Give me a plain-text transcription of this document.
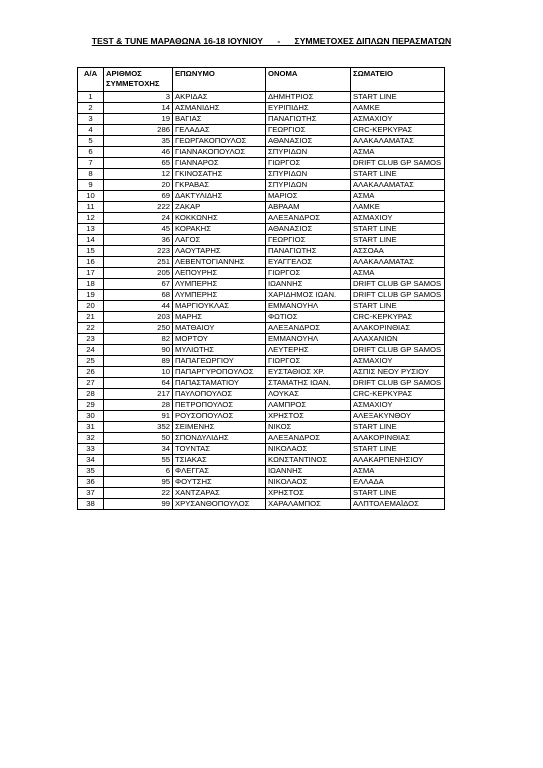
TEST & TUNE ΜΑΡΑΘΩΝΑ 16-18 ΙΟΥΝΙΟΥ      -      ΣΥΜΜΕΤΟΧΕΣ ΔΙΠΛΩΝ ΠΕΡΑΣΜΑΤΩΝ
Α/Α	ΑΡΙΘΜΟΣ ΣΥΜΜΕΤΟΧΗΣ	ΕΠΩΝΥΜΟ	ΟΝΟΜΑ	ΣΩΜΑΤΕΙΟ
1	3	ΑΚΡΙΔΑΣ	ΔΗΜΗΤΡΙΟΣ	START LINE
2	14	ΑΣΜΑΝΙΔΗΣ	ΕΥΡΙΠΙΔΗΣ	ΛΑΜΚΕ
3	19	ΒΑΓΙΑΣ	ΠΑΝΑΓΙΩΤΗΣ	ΑΣΜΑΧΙΟΥ
4	286	ΓΕΛΑΔΑΣ	ΓΕΩΡΓΙΟΣ	CRC-ΚΕΡΚΥΡΑΣ
5	35	ΓΕΩΡΓΑΚΟΠΟΥΛΟΣ	ΑΘΑΝΑΣΙΟΣ	ΑΛΑΚΑΛΑΜΑΤΑΣ
6	46	ΓΙΑΝΝΑΚΟΠΟΥΛΟΣ	ΣΠΥΡΙΔΩΝ	ΑΣΜΑ
7	65	ΓΙΑΝΝΑΡΟΣ	ΓΙΩΡΓΟΣ	DRIFT CLUB GP SAMOS
8	12	ΓΚΙΝΟΣΑΤΗΣ	ΣΠΥΡΙΔΩΝ	START LINE
9	20	ΓΚΡΑΒΑΣ	ΣΠΥΡΙΔΩΝ	ΑΛΑΚΑΛΑΜΑΤΑΣ
10	69	ΔΑΚΤΥΛΙΔΗΣ	ΜΑΡΙΟΣ	ΑΣΜΑ
11	222	ΖΑΚΑΡ	ΑΒΡΑΑΜ	ΛΑΜΚΕ
12	24	ΚΟΚΚΩΝΗΣ	ΑΛΕΞΑΝΔΡΟΣ	ΑΣΜΑΧΙΟΥ
13	45	ΚΟΡΑΚΗΣ	ΑΘΑΝΑΣΙΟΣ	START LINE
14	36	ΛΑΓΟΣ	ΓΕΩΡΓΙΟΣ	START LINE
15	223	ΛΑΟΥΤΑΡΗΣ	ΠΑΝΑΓΙΩΤΗΣ	ΑΣΣΟΑΑ
16	251	ΛΕΒΕΝΤΟΓΙΑΝΝΗΣ	ΕΥΑΓΓΕΛΟΣ	ΑΛΑΚΑΛΑΜΑΤΑΣ
17	205	ΛΕΠΟΥΡΗΣ	ΓΙΩΡΓΟΣ	ΑΣΜΑ
18	67	ΛΥΜΠΕΡΗΣ	ΙΩΑΝΝΗΣ	DRIFT CLUB GP SAMOS
19	68	ΛΥΜΠΕΡΗΣ	ΧΑΡΙΔΗΜΟΣ ΙΩΑΝ.	DRIFT CLUB GP SAMOS
20	44	ΜΑΡΓΙΟΥΚΛΑΣ	ΕΜΜΑΝΟΥΗΛ	START LINE
21	203	ΜΑΡΗΣ	ΦΩΤΙΟΣ	CRC-ΚΕΡΚΥΡΑΣ
22	250	ΜΑΤΘΑΙΟΥ	ΑΛΕΞΑΝΔΡΟΣ	ΑΛΑΚΟΡΙΝΘΙΑΣ
23	82	ΜΟΡΤΟΥ	ΕΜΜΑΝΟΥΗΛ	ΑΛΑΧΑΝΙΩΝ
24	90	ΜΥΛΙΩΤΗΣ	ΛΕΥΤΕΡΗΣ	DRIFT CLUB GP SAMOS
25	89	ΠΑΠΑΓΕΩΡΓΙΟΥ	ΓΙΩΡΓΟΣ	ΑΣΜΑΧΙΟΥ
26	10	ΠΑΠΑΡΓΥΡΟΠΟΥΛΟΣ	ΕΥΣΤΑΘΙΟΣ ΧΡ.	ΑΣΠΙΣ ΝΕΟΥ ΡΥΣΙΟΥ
27	64	ΠΑΠΑΣΤΑΜΑΤΙΟΥ	ΣΤΑΜΑΤΗΣ ΙΩΑΝ.	DRIFT CLUB GP SAMOS
28	217	ΠΑΥΛΟΠΟΥΛΟΣ	ΛΟΥΚΑΣ	CRC-ΚΕΡΚΥΡΑΣ
29	28	ΠΕΤΡΟΠΟΥΛΟΣ	ΛΑΜΠΡΟΣ	ΑΣΜΑΧΙΟΥ
30	91	ΡΟΥΣΟΠΟΥΛΟΣ	ΧΡΗΣΤΟΣ	ΑΛΕΞΑΚΥΝΘΟΥ
31	352	ΣΕΙΜΕΝΗΣ	ΝΙΚΟΣ	START LINE
32	50	ΣΠΟΝΔΥΛΙΔΗΣ	ΑΛΕΞΑΝΔΡΟΣ	ΑΛΑΚΟΡΙΝΘΙΑΣ
33	34	ΤΟΥΝΤΑΣ	ΝΙΚΟΛΑΟΣ	START LINE
34	55	ΤΣΙΑΚΑΣ	ΚΩΝΣΤΑΝΤΙΝΟΣ	ΑΛΑΚΑΡΠΕΝΗΣΙΟΥ
35	6	ΦΛΕΓΓΑΣ	ΙΩΑΝΝΗΣ	ΑΣΜΑ
36	95	ΦΟΥΤΣΗΣ	ΝΙΚΟΛΑΟΣ	ΕΛΛΑΔΑ
37	22	ΧΑΝΤΖΑΡΑΣ	ΧΡΗΣΤΟΣ	START LINE
38	99	ΧΡΥΣΑΝΘΟΠΟΥΛΟΣ	ΧΑΡΑΛΑΜΠΟΣ	ΑΛΠΤΟΛΕΜΑΪΔΟΣ
